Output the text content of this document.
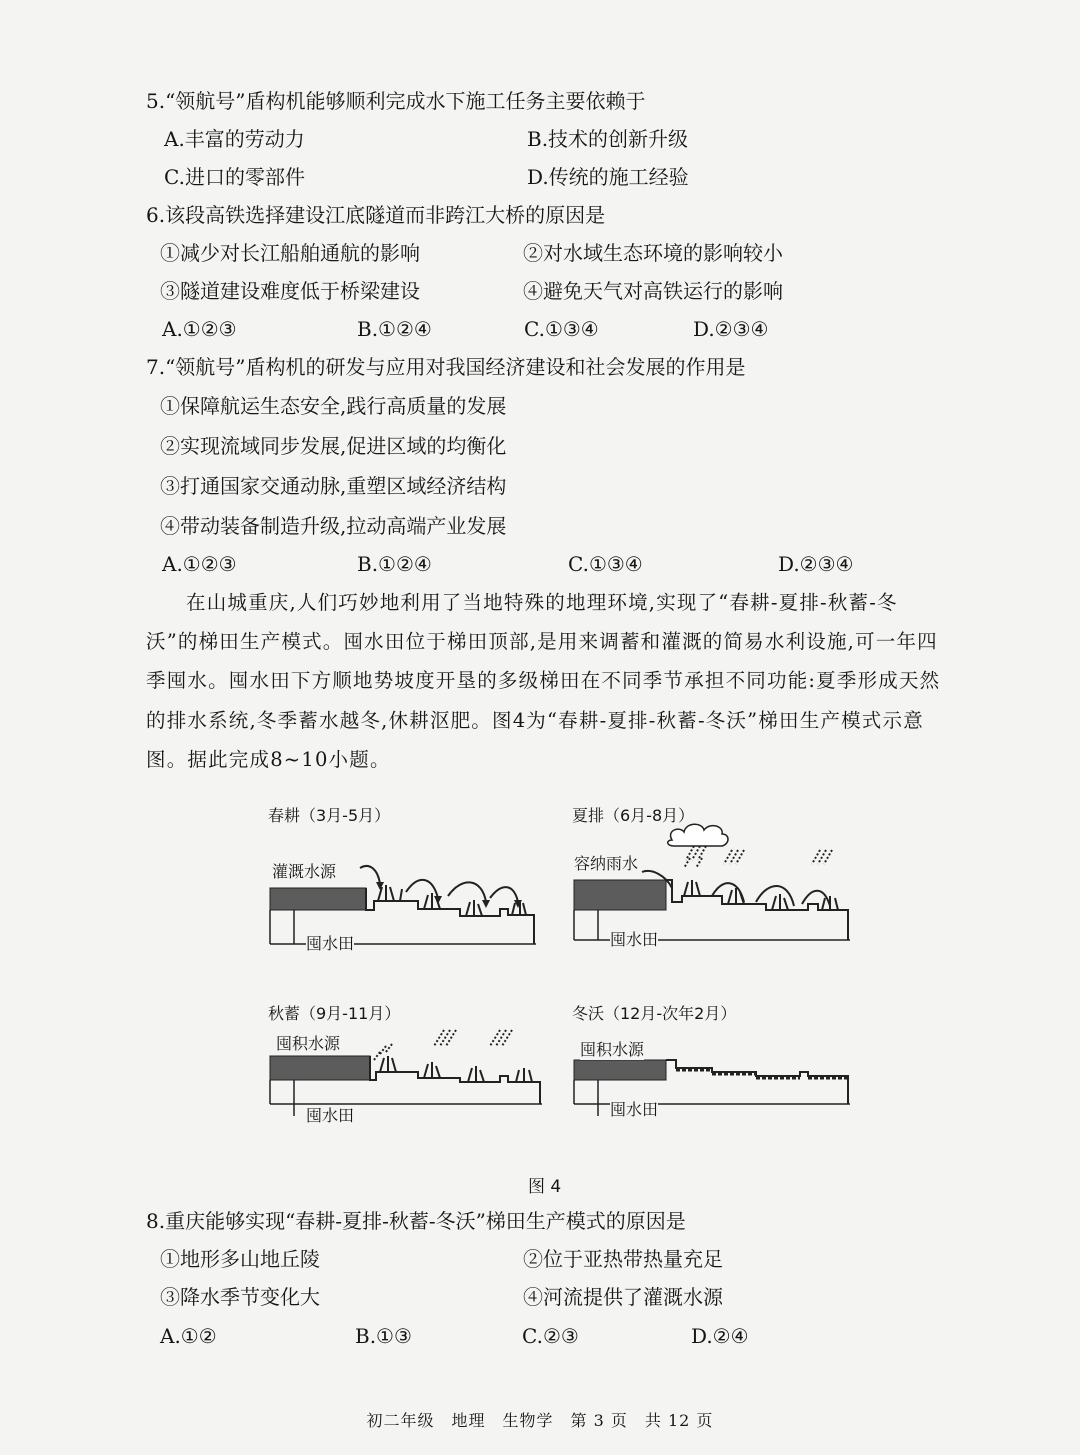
5.“领航号”盾构机能够顺利完成水下施工任务主要依赖于
A.丰富的劳动力	B.技术的创新升级
C.进口的零部件	D.传统的施工经验
6.该段高铁选择建设江底隧道而非跨江大桥的原因是
①减少对长江船舶通航的影响	②对水域生态环境的影响较小
③隧道建设难度低于桥梁建设	④避免天气对高铁运行的影响
A.①②③	B.①②④	C.①③④	D.②③④
7.“领航号”盾构机的研发与应用对我国经济建设和社会发展的作用是
①保障航运生态安全,践行高质量的发展
②实现流域同步发展,促进区域的均衡化
③打通国家交通动脉,重塑区域经济结构
④带动装备制造升级,拉动高端产业发展
A.①②③	B.①②④	C.①③④	D.②③④
在山城重庆,人们巧妙地利用了当地特殊的地理环境,实现了“春耕-夏排-秋蓄-冬沃”的梯田生产模式。囤水田位于梯田顶部,是用来调蓄和灌溉的简易水利设施,可一年四季囤水。囤水田下方顺地势坡度开垦的多级梯田在不同季节承担不同功能:夏季形成天然的排水系统,冬季蓄水越冬,休耕沤肥。图4为“春耕-夏排-秋蓄-冬沃”梯田生产模式示意图。据此完成8~10小题。
春耕（3月-5月）
灌溉水源
囤水田
夏排（6月-8月）
容纳雨水
囤水田
秋蓄（9月-11月）
囤积水源
囤水田
冬沃（12月-次年2月）
囤积水源
囤水田
图 4
8.重庆能够实现“春耕-夏排-秋蓄-冬沃”梯田生产模式的原因是
①地形多山地丘陵	②位于亚热带热量充足
③降水季节变化大	④河流提供了灌溉水源
A.①②	B.①③	C.②③	D.②④
初二年级　地理　生物学　第 3 页　共 12 页
